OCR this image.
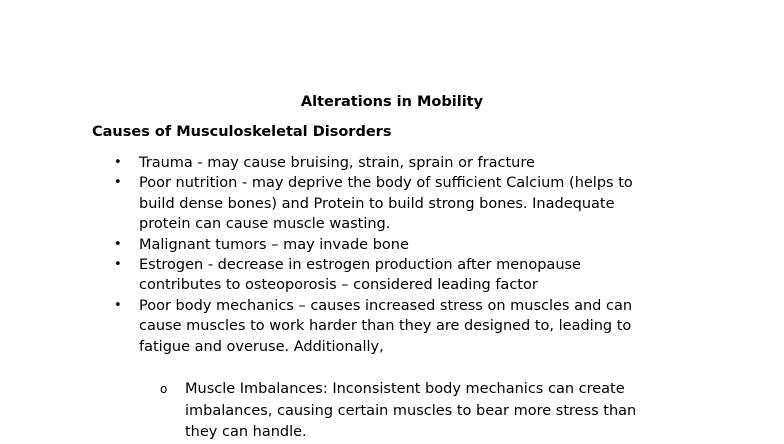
Alterations in Mobility
Causes of Musculoskeletal Disorders
• Trauma - may cause bruising, strain, sprain or fracture
• Poor nutrition - may deprive the body of sufficient Calcium (helps to
build dense bones) and Protein to build strong bones. Inadequate
protein can cause muscle wasting.
• Malignant tumors – may invade bone
• Estrogen - decrease in estrogen production after menopause
contributes to osteoporosis – considered leading factor
• Poor body mechanics – causes increased stress on muscles and can
cause muscles to work harder than they are designed to, leading to
fatigue and overuse. Additionally,
o Muscle Imbalances: Inconsistent body mechanics can create
imbalances, causing certain muscles to bear more stress than
they can handle.
